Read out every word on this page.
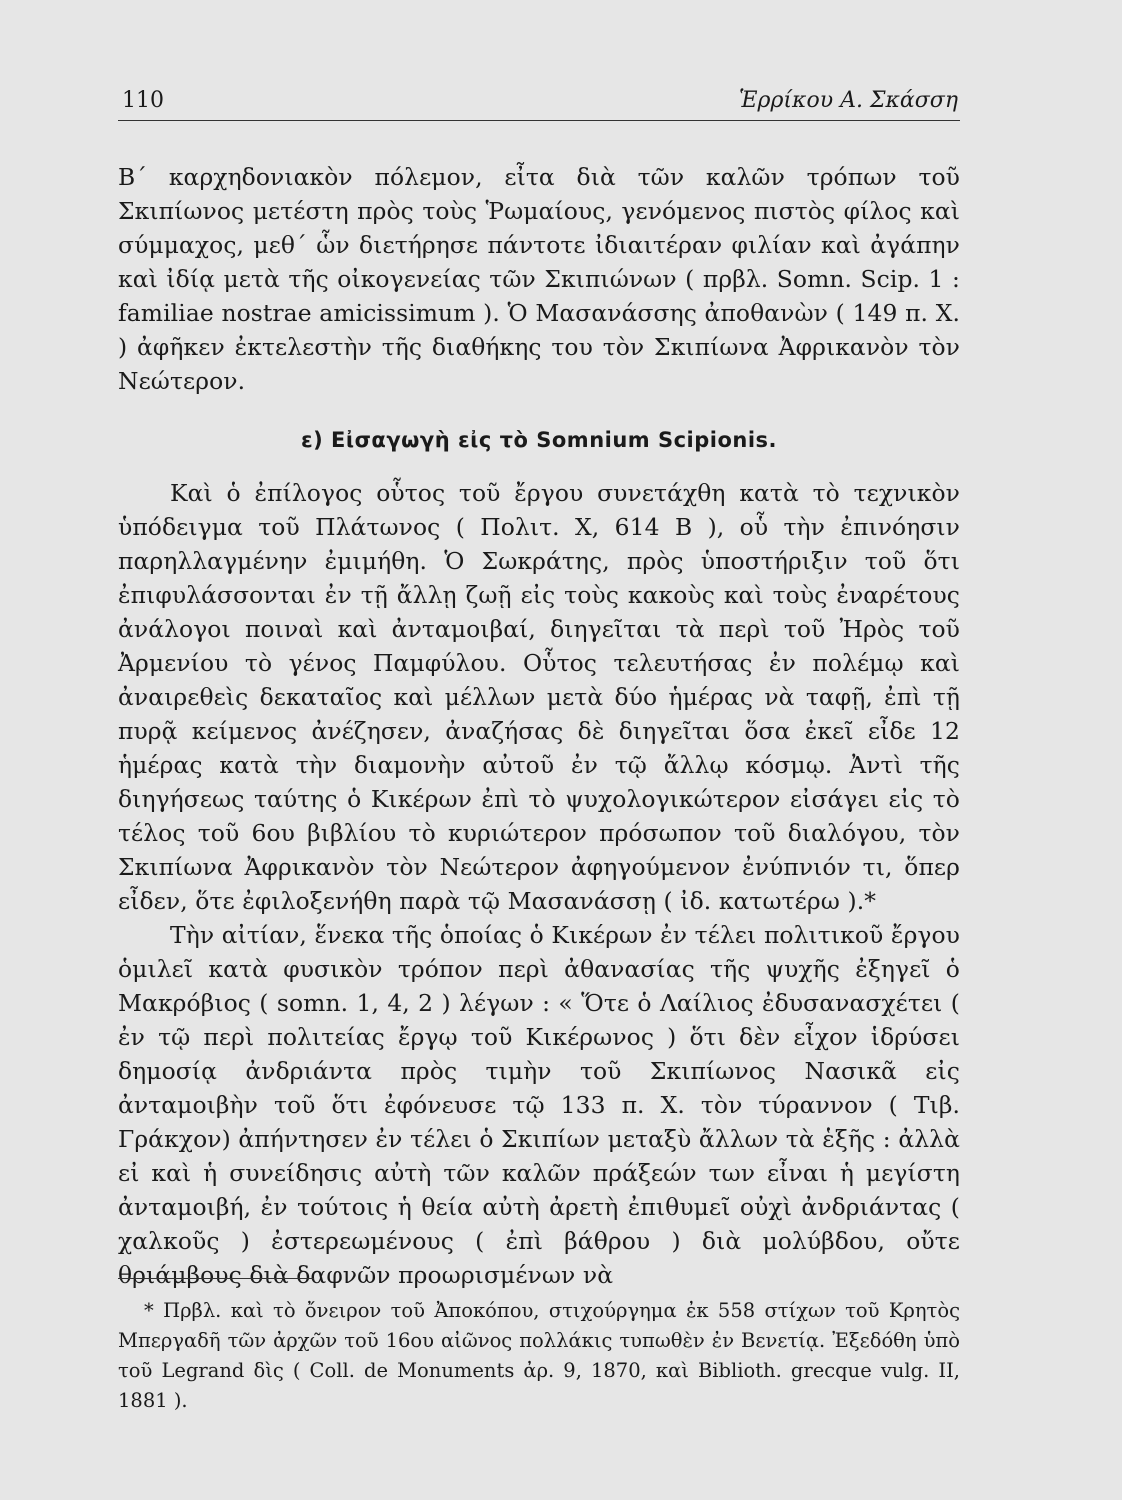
110	Ἑρρίκου Α. Σκάσση

Β΄ καρχηδονιακὸν πόλεμον, εἶτα διὰ τῶν καλῶν τρόπων τοῦ Σκιπίωνος μετέστη πρὸς τοὺς Ῥωμαίους, γενόμενος πιστὸς φίλος καὶ σύμμαχος, μεθ΄ ὧν διετήρησε πάντοτε ἰδιαιτέραν φιλίαν καὶ ἀγάπην καὶ ἰδίᾳ μετὰ τῆς οἰκογενείας τῶν Σκιπιώνων ( πρβλ. Somn. Scip. 1 : familiae nostrae amicissimum ). Ὁ Μασανάσσης ἀποθανὼν ( 149 π. Χ. ) ἀφῆκεν ἐκτελεστὴν τῆς διαθήκης του τὸν Σκιπίωνα Ἀφρικανὸν τὸν Νεώτερον.

ε) Εἰσαγωγὴ εἰς τὸ Somnium Scipionis.

Καὶ ὁ ἐπίλογος οὗτος τοῦ ἔργου συνετάχθη κατὰ τὸ τεχνικὸν ὑπόδειγμα τοῦ Πλάτωνος ( Πολιτ. Χ, 614 Β ), οὗ τὴν ἐπινόησιν παρηλλαγμένην ἐμιμήθη. Ὁ Σωκράτης, πρὸς ὑποστήριξιν τοῦ ὅτι ἐπιφυλάσσονται ἐν τῇ ἄλλῃ ζωῇ εἰς τοὺς κακοὺς καὶ τοὺς ἐναρέτους ἀνάλογοι ποιναὶ καὶ ἀνταμοιβαί, διηγεῖται τὰ περὶ τοῦ Ἠρὸς τοῦ Ἀρμενίου τὸ γένος Παμφύλου. Οὗτος τελευτήσας ἐν πολέμῳ καὶ ἀναιρεθεὶς δεκαταῖος καὶ μέλλων μετὰ δύο ἡμέρας νὰ ταφῇ, ἐπὶ τῇ πυρᾷ κείμενος ἀνέζησεν, ἀναζήσας δὲ διηγεῖται ὅσα ἐκεῖ εἶδε 12 ἡμέρας κατὰ τὴν διαμονὴν αὐτοῦ ἐν τῷ ἄλλῳ κόσμῳ. Ἀντὶ τῆς διηγήσεως ταύτης ὁ Κικέρων ἐπὶ τὸ ψυχολογικώτερον εἰσάγει εἰς τὸ τέλος τοῦ 6ου βιβλίου τὸ κυριώτερον πρόσωπον τοῦ διαλόγου, τὸν Σκιπίωνα Ἀφρικανὸν τὸν Νεώτερον ἀφηγούμενον ἐνύπνιόν τι, ὅπερ εἶδεν, ὅτε ἐφιλοξενήθη παρὰ τῷ Μασανάσσῃ ( ἰδ. κατωτέρω ).*

Τὴν αἰτίαν, ἕνεκα τῆς ὁποίας ὁ Κικέρων ἐν τέλει πολιτικοῦ ἔργου ὁμιλεῖ κατὰ φυσικὸν τρόπον περὶ ἀθανασίας τῆς ψυχῆς ἐξηγεῖ ὁ Μακρόβιος ( somn. 1, 4, 2 ) λέγων : « Ὅτε ὁ Λαίλιος ἐδυσανασχέτει ( ἐν τῷ περὶ πολιτείας ἔργῳ τοῦ Κικέρωνος ) ὅτι δὲν εἶχον ἱδρύσει δημοσίᾳ ἀνδριάντα πρὸς τιμὴν τοῦ Σκιπίωνος Νασικᾶ εἰς ἀνταμοιβὴν τοῦ ὅτι ἐφόνευσε τῷ 133 π. Χ. τὸν τύραννον ( Τιβ. Γράκχον) ἀπήντησεν ἐν τέλει ὁ Σκιπίων μεταξὺ ἄλλων τὰ ἑξῆς : ἀλλὰ εἰ καὶ ἡ συνείδησις αὐτὴ τῶν καλῶν πράξεών των εἶναι ἡ μεγίστη ἀνταμοιβή, ἐν τούτοις ἡ θεία αὐτὴ ἀρετὴ ἐπιθυμεῖ οὐχὶ ἀνδριάντας ( χαλκοῦς ) ἐστερεωμένους ( ἐπὶ βάθρου ) διὰ μολύβδου, οὔτε θριάμβους διὰ δαφνῶν προωρισμένων νὰ

* Πρβλ. καὶ τὸ ὄνειρον τοῦ Ἀποκόπου, στιχούργημα ἐκ 558 στίχων τοῦ Κρητὸς Μπεργαδῆ τῶν ἀρχῶν τοῦ 16ου αἰῶνος πολλάκις τυπωθὲν ἐν Βενετίᾳ. Ἐξεδόθη ὑπὸ τοῦ Legrand δὶς ( Coll. de Monuments ἀρ. 9, 1870, καὶ Biblioth. grecque vulg. II, 1881 ).
